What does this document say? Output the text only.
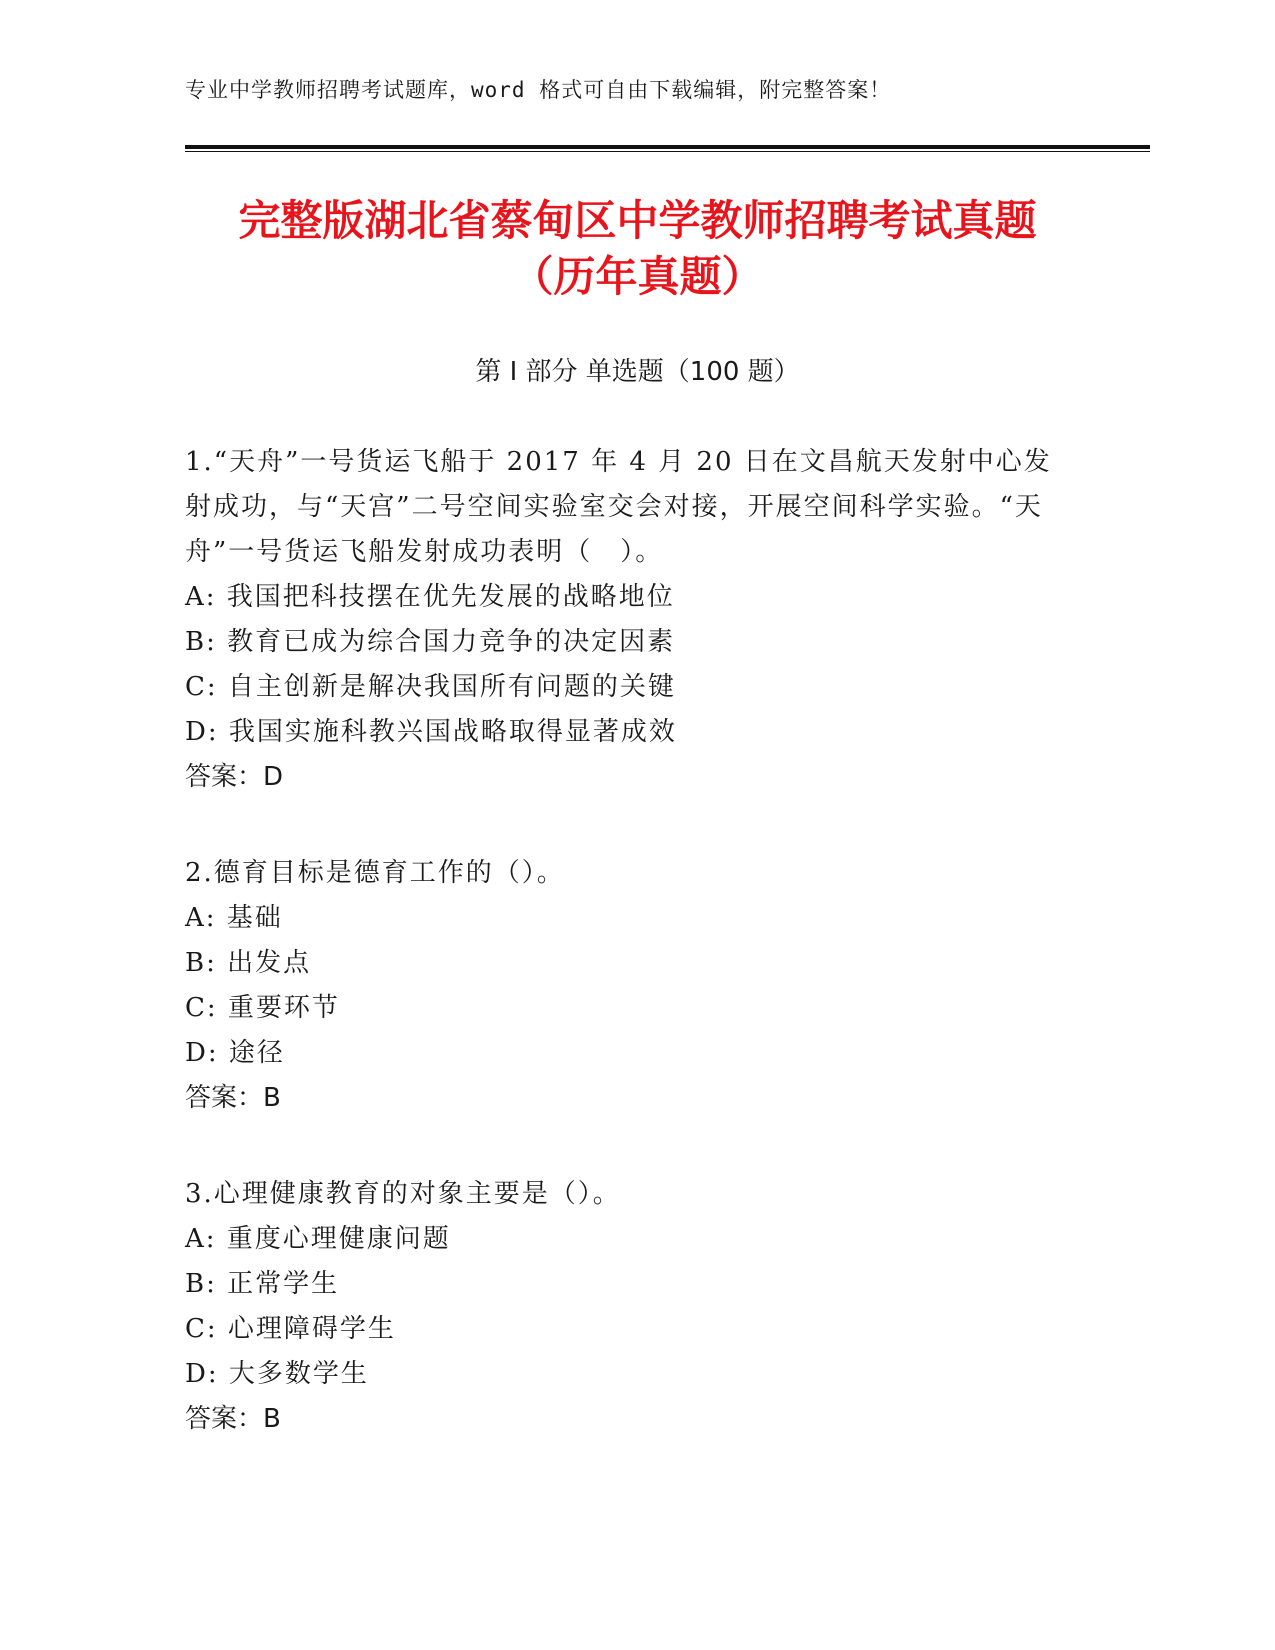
专业中学教师招聘考试题库，word 格式可自由下载编辑，附完整答案！
完整版湖北省蔡甸区中学教师招聘考试真题
（历年真题）
第 I 部分 单选题（100 题）
1.“天舟”一号货运飞船于 2017 年 4 月 20 日在文昌航天发射中心发射成功，与“天宫”二号空间实验室交会对接，开展空间科学实验。“天舟”一号货运飞船发射成功表明（　）。
A: 我国把科技摆在优先发展的战略地位
B: 教育已成为综合国力竞争的决定因素
C: 自主创新是解决我国所有问题的关键
D: 我国实施科教兴国战略取得显著成效
答案：D
2.德育目标是德育工作的（）。
A: 基础
B: 出发点
C: 重要环节
D: 途径
答案：B
3.心理健康教育的对象主要是（）。
A: 重度心理健康问题
B: 正常学生
C: 心理障碍学生
D: 大多数学生
答案：B
